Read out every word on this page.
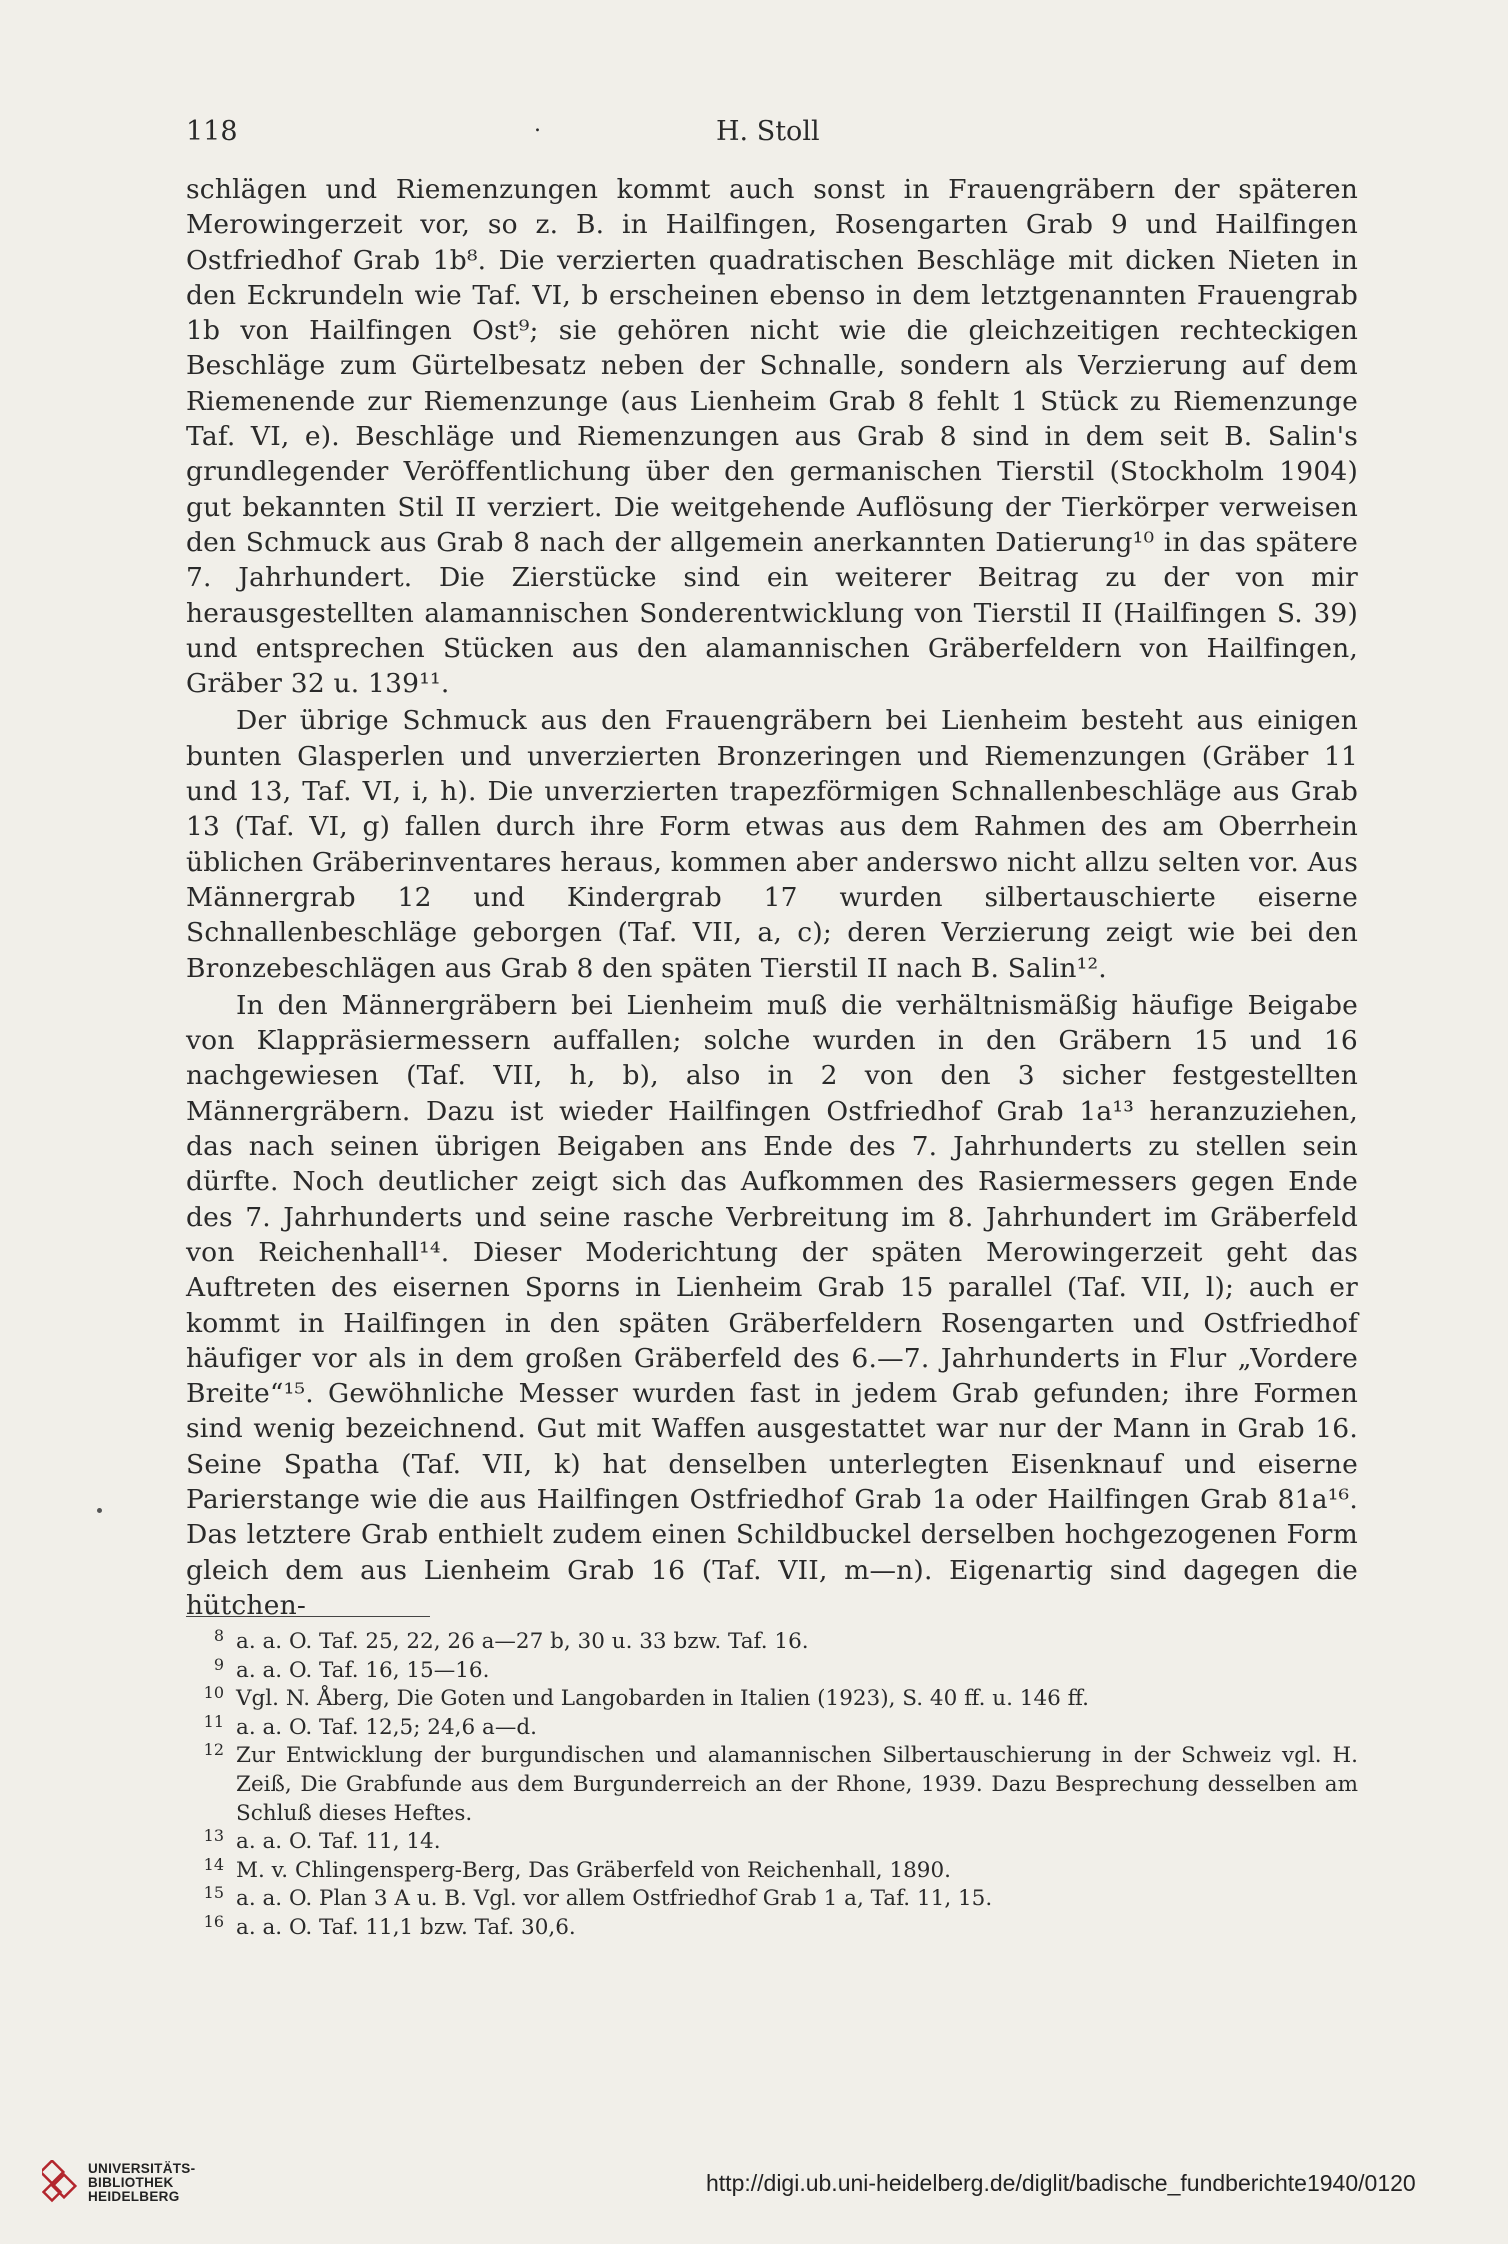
118	.	H. Stoll

schlägen und Riemenzungen kommt auch sonst in Frauengräbern der späteren Merowingerzeit vor, so z. B. in Hailfingen, Rosengarten Grab 9 und Hailfingen Ostfriedhof Grab 1b⁸. Die verzierten quadratischen Beschläge mit dicken Nieten in den Eckrundeln wie Taf. VI, b erscheinen ebenso in dem letztgenannten Frauengrab 1b von Hailfingen Ost⁹; sie gehören nicht wie die gleichzeitigen rechteckigen Beschläge zum Gürtelbesatz neben der Schnalle, sondern als Verzierung auf dem Riemenende zur Riemenzunge (aus Lienheim Grab 8 fehlt 1 Stück zu Riemenzunge Taf. VI, e). Beschläge und Riemenzungen aus Grab 8 sind in dem seit B. Salin's grundlegender Veröffentlichung über den germanischen Tierstil (Stockholm 1904) gut bekannten Stil II verziert. Die weitgehende Auflösung der Tierkörper verweisen den Schmuck aus Grab 8 nach der allgemein anerkannten Datierung¹⁰ in das spätere 7. Jahrhundert. Die Zierstücke sind ein weiterer Beitrag zu der von mir herausgestellten alamannischen Sonderentwicklung von Tierstil II (Hailfingen S. 39) und entsprechen Stücken aus den alamannischen Gräberfeldern von Hailfingen, Gräber 32 u. 139¹¹.

Der übrige Schmuck aus den Frauengräbern bei Lienheim besteht aus einigen bunten Glasperlen und unverzierten Bronzeringen und Riemenzungen (Gräber 11 und 13, Taf. VI, i, h). Die unverzierten trapezförmigen Schnallenbeschläge aus Grab 13 (Taf. VI, g) fallen durch ihre Form etwas aus dem Rahmen des am Oberrhein üblichen Gräberinventares heraus, kommen aber anderswo nicht allzu selten vor. Aus Männergrab 12 und Kindergrab 17 wurden silbertauschierte eiserne Schnallenbeschläge geborgen (Taf. VII, a, c); deren Verzierung zeigt wie bei den Bronzebeschlägen aus Grab 8 den späten Tierstil II nach B. Salin¹².

In den Männergräbern bei Lienheim muß die verhältnismäßig häufige Beigabe von Klappräsiermessern auffallen; solche wurden in den Gräbern 15 und 16 nachgewiesen (Taf. VII, h, b), also in 2 von den 3 sicher festgestellten Männergräbern. Dazu ist wieder Hailfingen Ostfriedhof Grab 1a¹³ heranzuziehen, das nach seinen übrigen Beigaben ans Ende des 7. Jahrhunderts zu stellen sein dürfte. Noch deutlicher zeigt sich das Aufkommen des Rasiermessers gegen Ende des 7. Jahrhunderts und seine rasche Verbreitung im 8. Jahrhundert im Gräberfeld von Reichenhall¹⁴. Dieser Moderichtung der späten Merowingerzeit geht das Auftreten des eisernen Sporns in Lienheim Grab 15 parallel (Taf. VII, l); auch er kommt in Hailfingen in den späten Gräberfeldern Rosengarten und Ostfriedhof häufiger vor als in dem großen Gräberfeld des 6.—7. Jahrhunderts in Flur „Vordere Breite“¹⁵. Gewöhnliche Messer wurden fast in jedem Grab gefunden; ihre Formen sind wenig bezeichnend. Gut mit Waffen ausgestattet war nur der Mann in Grab 16. Seine Spatha (Taf. VII, k) hat denselben unterlegten Eisenknauf und eiserne Parierstange wie die aus Hailfingen Ostfriedhof Grab 1a oder Hailfingen Grab 81a¹⁶. Das letztere Grab enthielt zudem einen Schildbuckel derselben hochgezogenen Form gleich dem aus Lienheim Grab 16 (Taf. VII, m—n). Eigenartig sind dagegen die hütchen-

8 a. a. O. Taf. 25, 22, 26 a—27 b, 30 u. 33 bzw. Taf. 16.
9 a. a. O. Taf. 16, 15—16.
10 Vgl. N. Åberg, Die Goten und Langobarden in Italien (1923), S. 40 ff. u. 146 ff.
11 a. a. O. Taf. 12,5; 24,6 a—d.
12 Zur Entwicklung der burgundischen und alamannischen Silbertauschierung in der Schweiz vgl. H. Zeiß, Die Grabfunde aus dem Burgunderreich an der Rhone, 1939. Dazu Besprechung desselben am Schluß dieses Heftes.
13 a. a. O. Taf. 11, 14.
14 M. v. Chlingensperg-Berg, Das Gräberfeld von Reichenhall, 1890.
15 a. a. O. Plan 3 A u. B. Vgl. vor allem Ostfriedhof Grab 1 a, Taf. 11, 15.
16 a. a. O. Taf. 11,1 bzw. Taf. 30,6.
UNIVERSITÄTS-
BIBLIOTHEK
HEIDELBERG
http://digi.ub.uni-heidelberg.de/diglit/badische_fundberichte1940/0120
